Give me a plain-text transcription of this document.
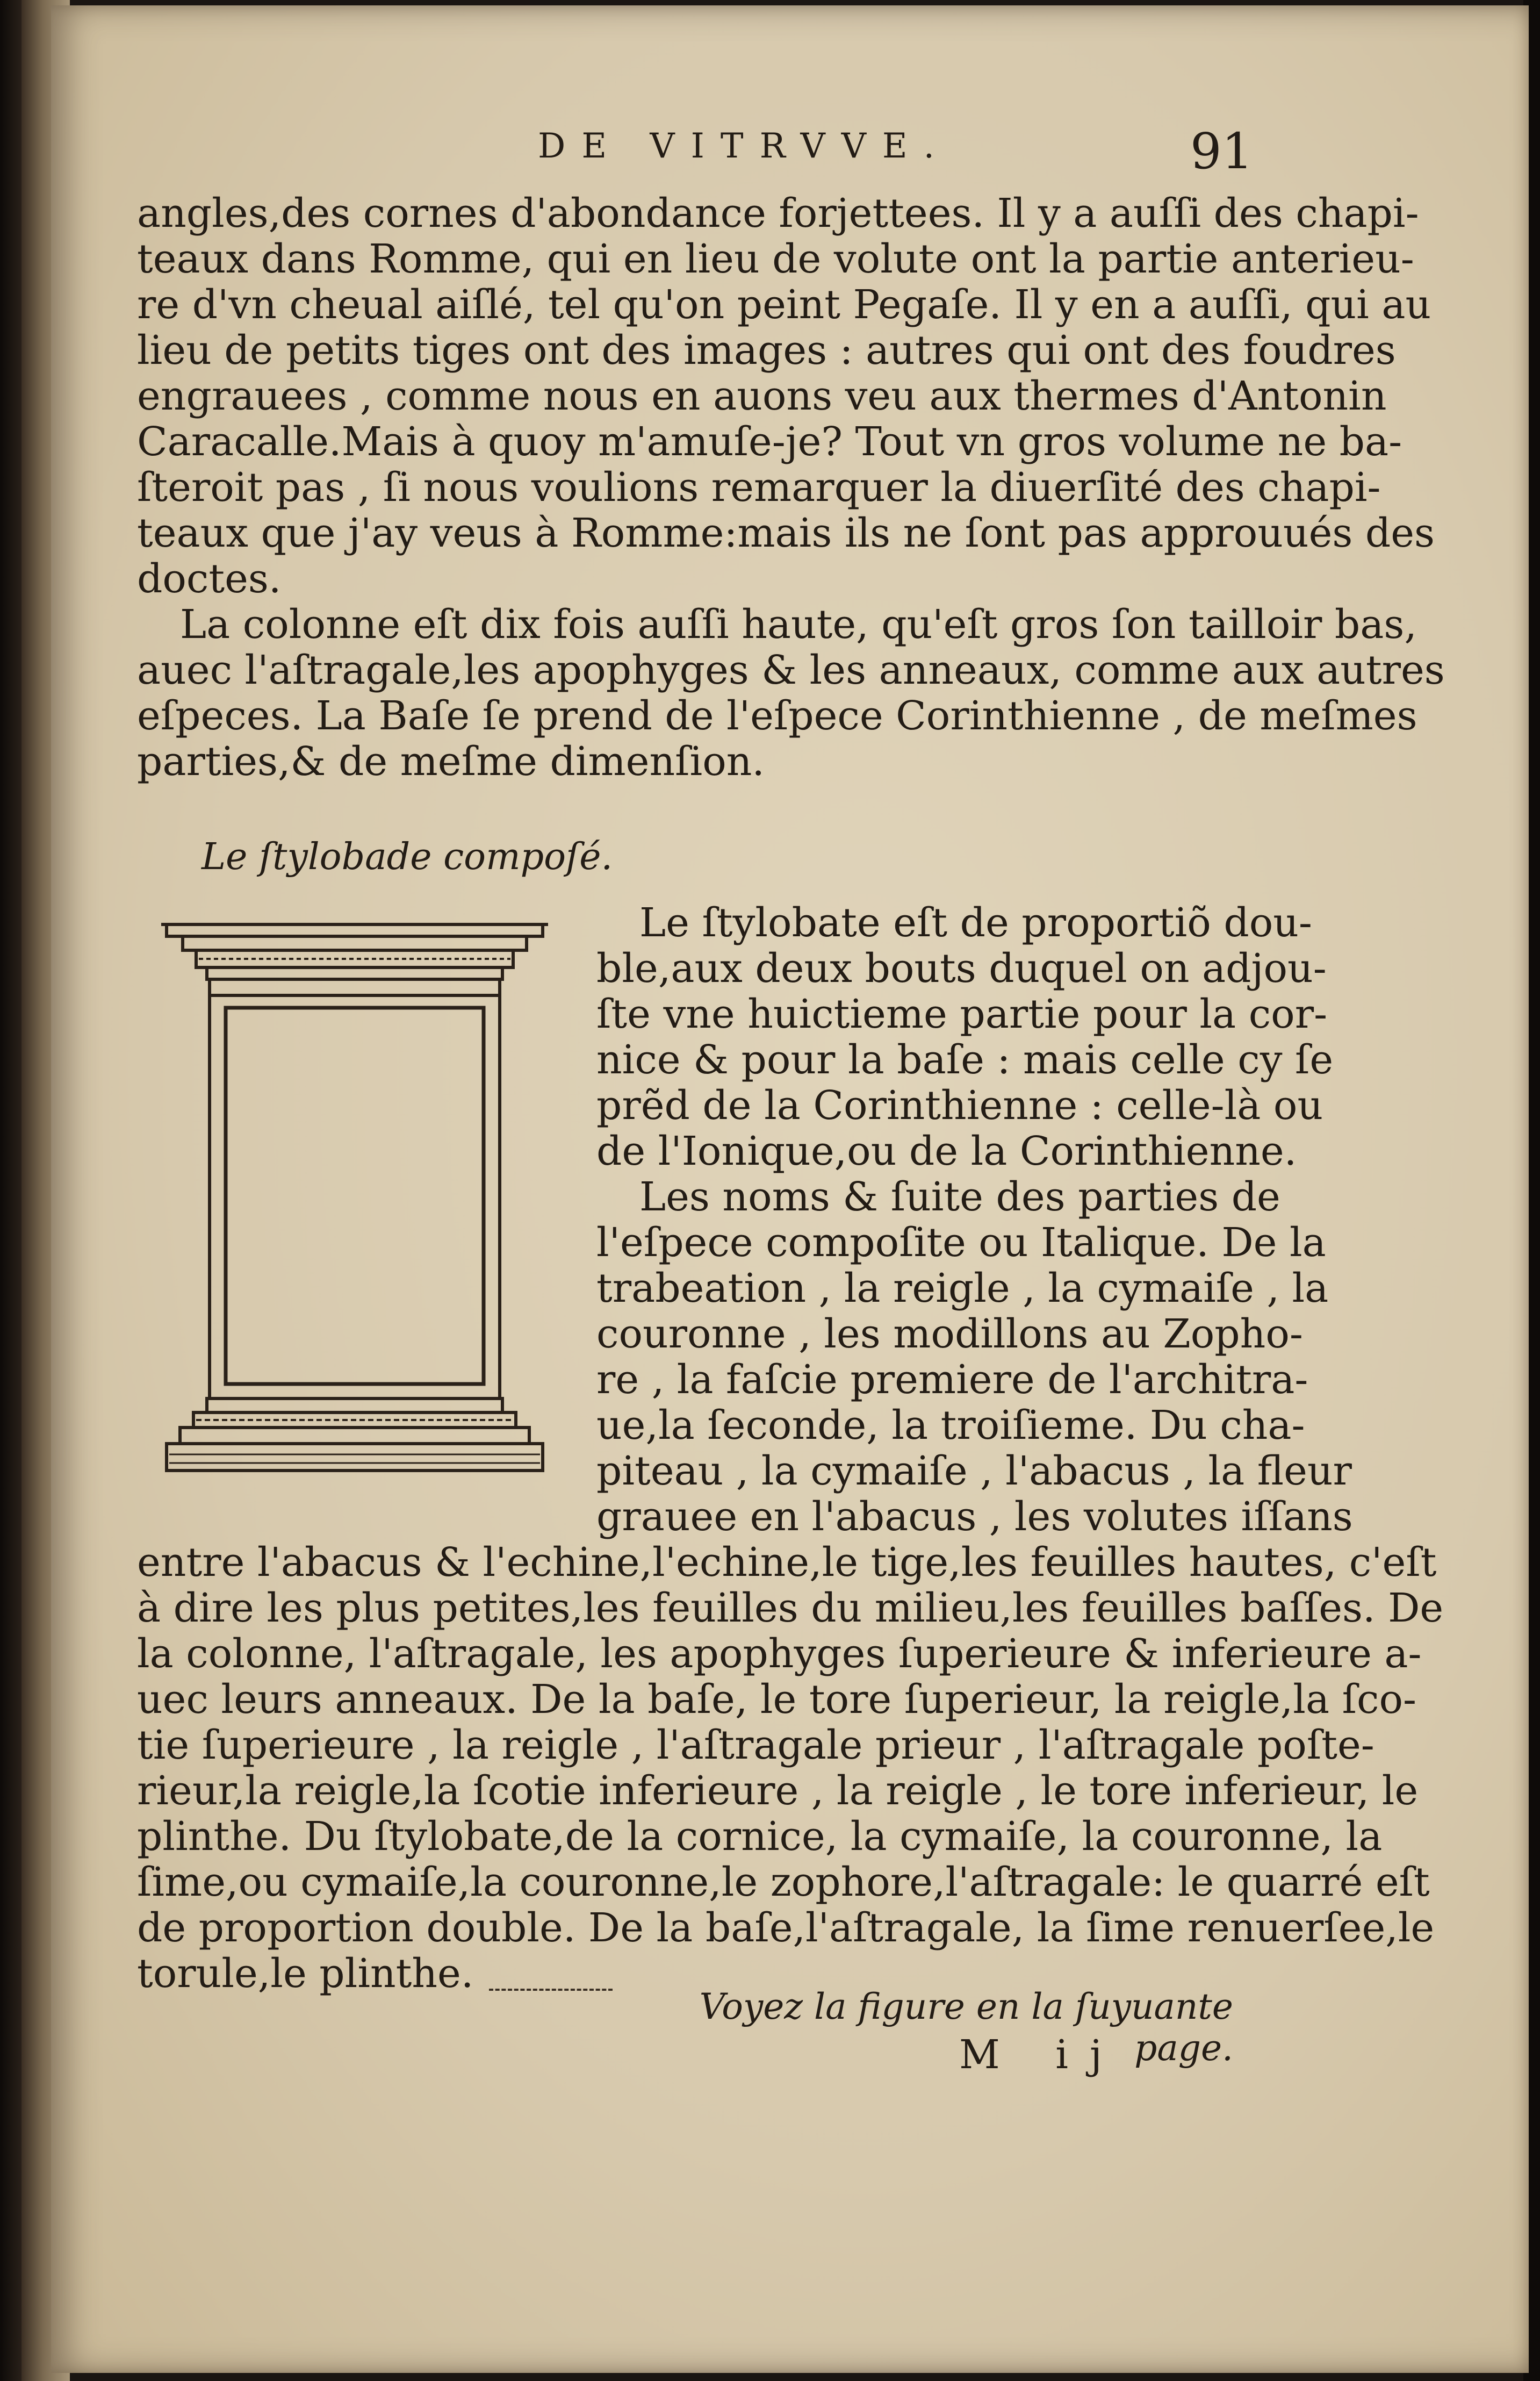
DE VITRVVE.	91
angles,des cornes d'abondance forjettees. Il y a auſſi des chapi-
teaux dans Romme, qui en lieu de volute ont la partie anterieu-
re d'vn cheual aiſlé, tel qu'on peint Pegaſe. Il y en a auſſi, qui au
lieu de petits tiges ont des images : autres qui ont des foudres
engrauees , comme nous en auons veu aux thermes d'Antonin
Caracalle.Mais à quoy m'amuſe-je? Tout vn gros volume ne ba-
ſteroit pas , ſi nous voulions remarquer la diuerſité des chapi-
teaux que j'ay veus à Romme:mais ils ne ſont pas approuués des
doctes.
La colonne eſt dix fois auſſi haute, qu'eſt gros ſon tailloir bas,
auec l'aſtragale,les apophyges & les anneaux, comme aux autres
eſpeces. La Baſe ſe prend de l'eſpece Corinthienne , de meſmes
parties,& de meſme dimenſion.
Le ſtylobade compoſé.
Le ſtylobate eſt de proportiõ dou-
ble,aux deux bouts duquel on adjou-
ſte vne huictieme partie pour la cor-
nice & pour la baſe : mais celle cy ſe
prẽd de la Corinthienne : celle-là ou
de l'Ionique,ou de la Corinthienne.
Les noms & ſuite des parties de
l'eſpece compoſite ou Italique. De la
trabeation , la reigle , la cymaiſe , la
couronne , les modillons au Zopho-
re , la faſcie premiere de l'architra-
ue,la ſeconde, la troiſieme. Du cha-
piteau , la cymaiſe , l'abacus , la fleur
grauee en l'abacus , les volutes iſſans
entre l'abacus & l'echine,l'echine,le tige,les feuilles hautes, c'eſt
à dire les plus petites,les feuilles du milieu,les feuilles baſſes. De
la colonne, l'aſtragale, les apophyges ſuperieure & inferieure a-
uec leurs anneaux. De la baſe, le tore ſuperieur, la reigle,la ſco-
tie ſuperieure , la reigle , l'aſtragale prieur , l'aſtragale poſte-
rieur,la reigle,la ſcotie inferieure , la reigle , le tore inferieur, le
plinthe. Du ſtylobate,de la cornice, la cymaiſe, la couronne, la
ſime,ou cymaiſe,la couronne,le zophore,l'aſtragale: le quarré eſt
de proportion double. De la baſe,l'aſtragale, la ſime renuerſee,le
torule,le plinthe.
Voyez la figure en la ſuyuante page.
M ij
